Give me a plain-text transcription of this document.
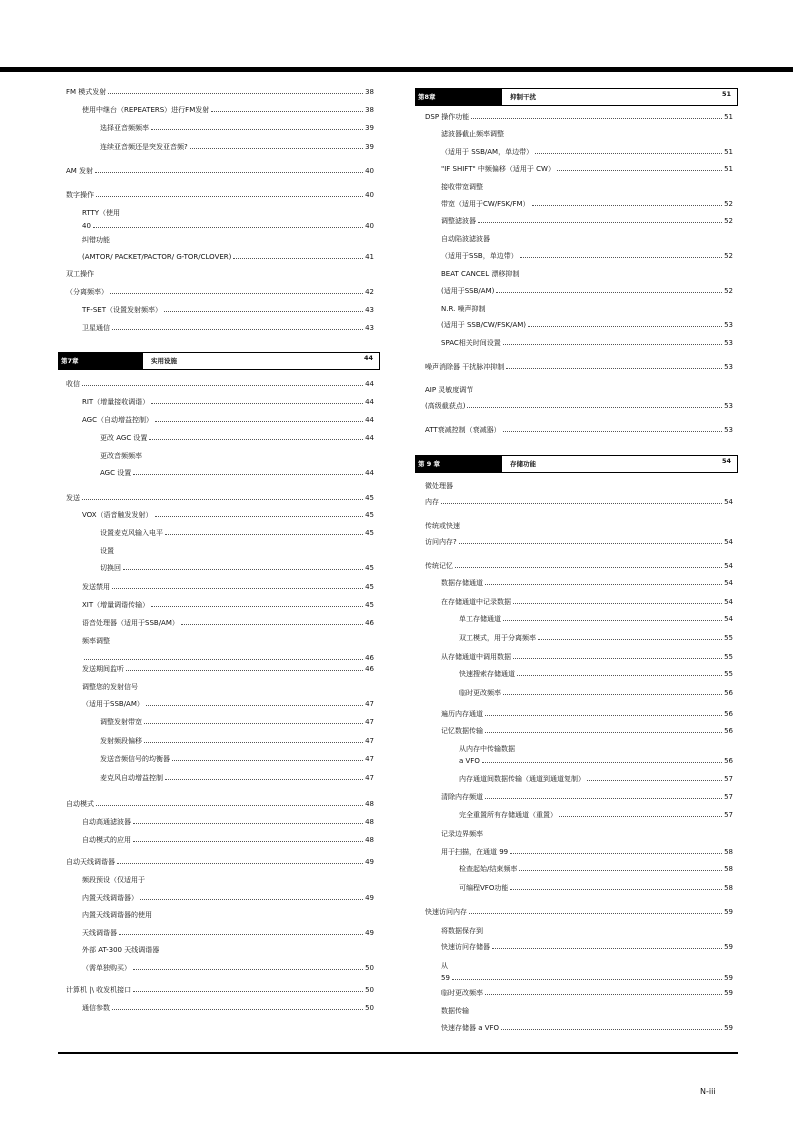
FM 模式发射	38
使用中继台（REPEATERS）进行FM发射	38
选择亚音频频率	39
连续亚音频还是突发亚音频?	39
AM 发射	40
数字操作	40
RTTY（使用
40	40
纠错功能
(AMTOR/ PACKET/PACTOR/ G-TOR/CLOVER)	41
双工操作
（分离频率）	42
TF-SET（设置发射频率）	43
卫星通信	43
收信	44
RIT（增量接收调谐）	44
AGC（自动增益控制）	44
更改 AGC 设置	44
更改音频频率
AGC 设置	44
发送	45
VOX（语音触发发射）	45
设置麦克风输入电平	45
设置
切换回	45
发送禁用	45
XIT（增量调谐传输）	45
语音处理器（适用于SSB/AM）	46
频率调整
46
发送期间监听	46
调整您的发射信号
（适用于SSB/AM）	47
调整发射带宽	47
发射频段偏移	47
发送音频信号的均衡器	47
麦克风自动增益控制	47
自动模式	48
自动高通滤波器	48
自动模式的应用	48
自动天线调谐器	49
频段预设（仅适用于
内置天线调谐器）	49
内置天线调谐器的使用
天线调谐器	49
外部 AT-300 天线调谐器
（需单独购买）	50
计算机 |\ 收发机接口	50
通信参数	50
DSP 操作功能	51
滤波器截止频率调整
（适用于 SSB/AM，单边带）	51
"IF SHIFT" 中频偏移（适用于 CW）	51
接收带宽调整
带宽（适用于CW/FSK/FM）	52
调整滤波器	52
自动陷波滤波器
（适用于SSB，单边带）	52
BEAT CANCEL 漂移抑制
(适用于SSB/AM)	52
N.R. 噪声抑制
(适用于 SSB/CW/FSK/AM)	53
SPAC相关时间设置	53
噪声消除器 干扰脉冲抑制	53
AIP 灵敏度调节
(高级截获点)	53
ATT衰减控制（衰减器）	53
微处理器
内存	54
传统或快速
访问内存?	54
传统记忆	54
数据存储通道	54
在存储通道中记录数据	54
单工存储通道	54
双工模式，用于分离频率	55
从存储通道中调用数据	55
快速搜索存储通道	55
临时更改频率	56
遍历内存通道	56
记忆数据传输	56
从内存中传输数据
a VFO	56
内存通道间数据传输（通道到通道复制）	57
清除内存频道	57
完全重置所有存储通道（重置）	57
记录边界频率
用于扫描，在通道 99	58
检查起始/结束频率	58
可编程VFO功能	58
快速访问内存	59
将数据保存到
快速访问存储器	59
从
59	59
临时更改频率	59
数据传输
快速存储器 a VFO	59
第7章	实用设施	44
第8章	抑制干扰	51
第 9 章	存储功能	54
N-iii
